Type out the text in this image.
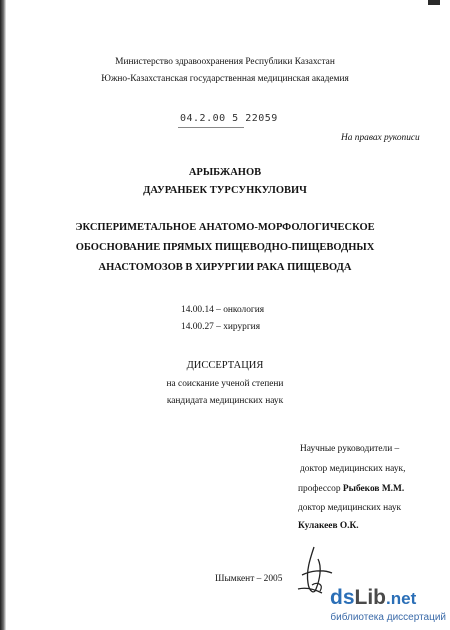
Министерство здравоохранения Республики Казахстан
Южно-Казахстанская государственная медицинская академия
04.2.00 5 22059
На правах рукописи
АРЫБЖАНОВ
ДАУРАНБЕК ТУРСУНКУЛОВИЧ
ЭКСПЕРИМЕТАЛЬНОЕ АНАТОМО-МОРФОЛОГИЧЕСКОЕ
ОБОСНОВАНИЕ ПРЯМЫХ ПИЩЕВОДНО-ПИЩЕВОДНЫХ
АНАСТОМОЗОВ В ХИРУРГИИ РАКА ПИЩЕВОДА
14.00.14 – онкология
14.00.27 – хирургия
ДИССЕРТАЦИЯ
на соискание ученой степени
кандидата медицинских наук
Научные руководители –
доктор медицинских наук,
профессор Рыбеков М.М.
доктор медицинских наук
Кулакеев О.К.
Шымкент – 2005
dsLib.net
библиотека диссертаций
